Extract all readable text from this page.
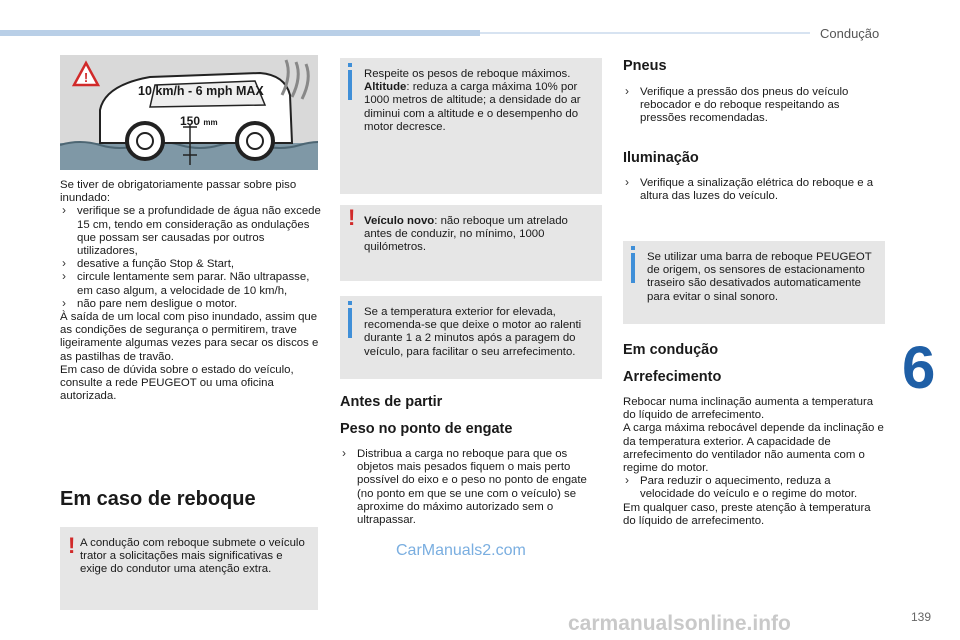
Condução
6
139
!
10 km/h - 6 mph MAX
150 mm

Se tiver de obrigatoriamente passar sobre piso inundado:

› verifique se a profundidade de água não excede 15 cm, tendo em consideração as ondulações que possam ser causadas por outros utilizadores,

› desative a função Stop & Start,

› circule lentamente sem parar. Não ultrapasse, em caso algum, a velocidade de 10 km/h,

› não pare nem desligue o motor.

À saída de um local com piso inundado, assim que as condições de segurança o permitirem, trave ligeiramente algumas vezes para secar os discos e as pastilhas de travão.

Em caso de dúvida sobre o estado do veículo, consulte a rede PEUGEOT ou uma oficina autorizada.

Em caso de reboque
! A condução com reboque submete o veículo trator a solicitações mais significativas e exige do condutor uma atenção extra.
Respeite os pesos de reboque máximos.
Altitude: reduza a carga máxima 10% por 1000 metros de altitude; a densidade do ar diminui com a altitude e o desempenho do motor decresce.
! Veículo novo: não reboque um atrelado antes de conduzir, no mínimo, 1000 quilómetros.
Se a temperatura exterior for elevada, recomenda-se que deixe o motor ao ralenti durante 1 a 2 minutos após a paragem do veículo, para facilitar o seu arrefecimento.
Antes de partir
Peso no ponto de engate

› Distribua a carga no reboque para que os objetos mais pesados fiquem o mais perto possível do eixo e o peso no ponto de engate (no ponto em que se une com o veículo) se aproxime do máximo autorizado sem o ultrapassar.

Pneus

› Verifique a pressão dos pneus do veículo rebocador e do reboque respeitando as pressões recomendadas.

Iluminação

› Verifique a sinalização elétrica do reboque e a altura das luzes do veículo.

Se utilizar uma barra de reboque PEUGEOT de origem, os sensores de estacionamento traseiro são desativados automaticamente para evitar o sinal sonoro.
Em condução
Arrefecimento

Rebocar numa inclinação aumenta a temperatura do líquido de arrefecimento.

A carga máxima rebocável depende da inclinação e da temperatura exterior. A capacidade de arrefecimento do ventilador não aumenta com o regime do motor.

› Para reduzir o aquecimento, reduza a velocidade do veículo e o regime do motor.

Em qualquer caso, preste atenção à temperatura do líquido de arrefecimento.

CarManuals2.com
carmanualsonline.info
